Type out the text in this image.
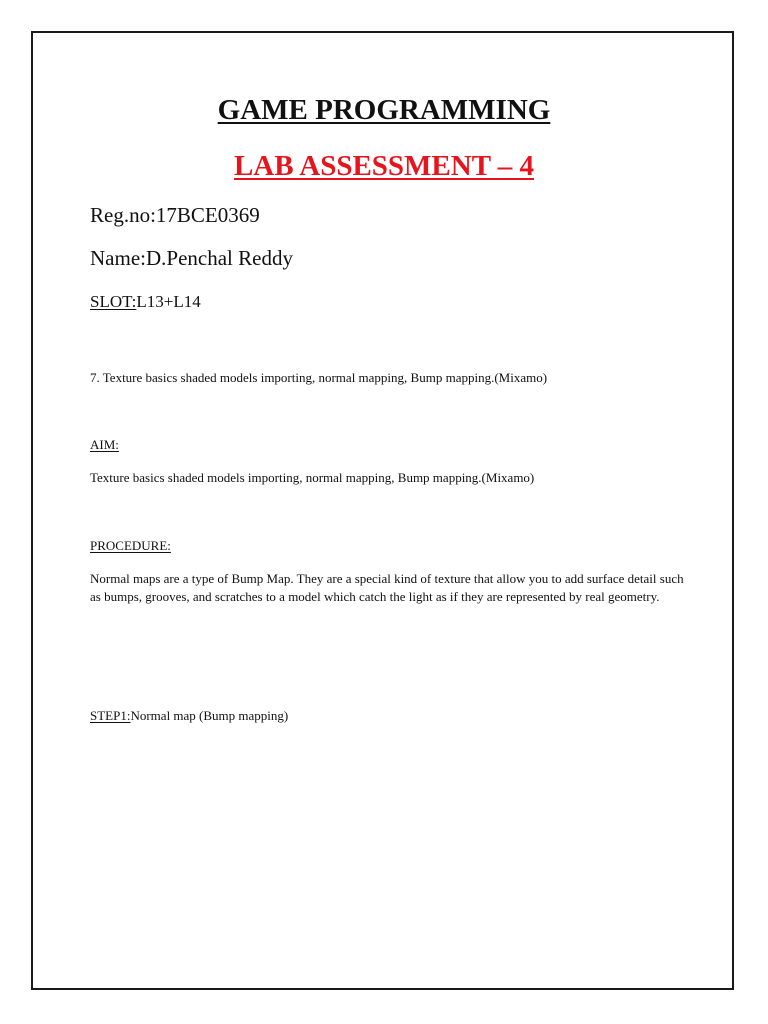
GAME PROGRAMMING
LAB ASSESSMENT – 4
Reg.no:17BCE0369
Name:D.Penchal Reddy
SLOT:L13+L14
7. Texture basics shaded models importing, normal mapping, Bump mapping.(Mixamo)
AIM:
Texture basics shaded models importing, normal mapping, Bump mapping.(Mixamo)
PROCEDURE:
Normal maps are a type of Bump Map. They are a special kind of texture that allow you to add surface detail such as bumps, grooves, and scratches to a model which catch the light as if they are represented by real geometry.
STEP1:Normal map (Bump mapping)
